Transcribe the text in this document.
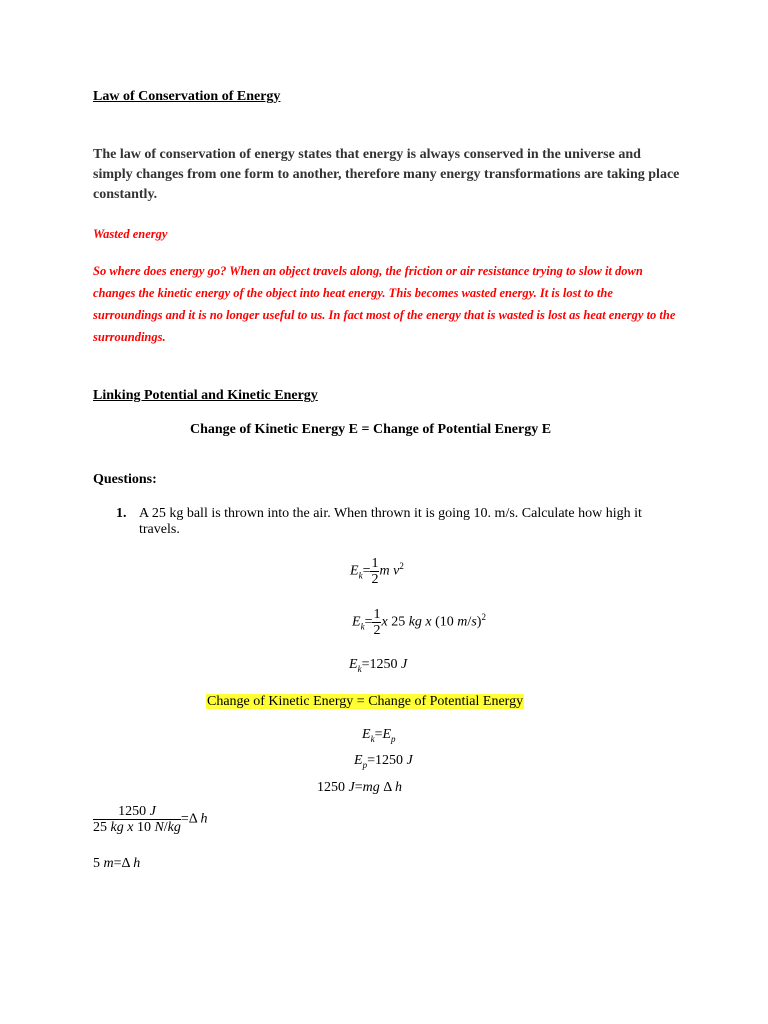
Law of Conservation of Energy
The law of conservation of energy states that energy is always conserved in the universe and simply changes from one form to another, therefore many energy transformations are taking place constantly.
Wasted energy
So where does energy go? When an object travels along, the friction or air resistance trying to slow it down changes the kinetic energy of the object into heat energy. This becomes wasted energy. It is lost to the surroundings and it is no longer useful to us. In fact most of the energy that is wasted is lost as heat energy to the surroundings.
Linking Potential and Kinetic Energy
Change of Kinetic Energy E = Change of Potential Energy E
Questions:
1. A 25 kg ball is thrown into the air. When thrown it is going 10. m/s. Calculate how high it travels.
$E_k= \frac{1}{2}$ m $v^2$
$E_k= \frac{1}{2}$ x 25 kg x (10 m/s)$^2$
$E_k=1250$ J
Change of Kinetic Energy = Change of Potential Energy
$E_k=E_p$
$E_p=1250$ J
1250 J=mg Δ h
$\frac{1250 J}{\text{25 kg x 10 N/kg}} =\Delta$ h
5 m=Δ h
